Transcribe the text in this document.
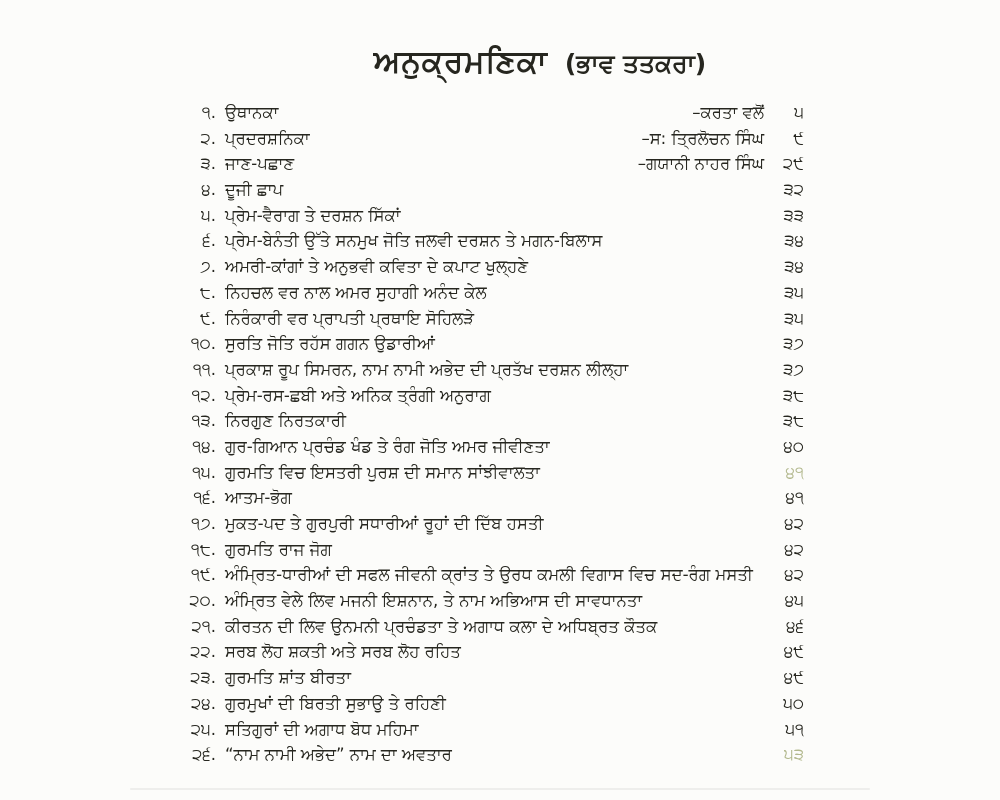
ਅਨੁਕ੍ਰਮਣਿਕਾ (ਭਾਵ ਤਤਕਰਾ)
੧. ਉਥਾਨਕਾ	–ਕਰਤਾ ਵਲੋਂ	੫
੨. ਪ੍ਰਦਰਸ਼ਨਿਕਾ	–ਸ: ਤ੍ਰਿਲੋਚਨ ਸਿੰਘ	੯
੩. ਜਾਣ-ਪਛਾਣ	–ਗਯਾਨੀ ਨਾਹਰ ਸਿੰਘ	੨੯
੪. ਦੂਜੀ ਛਾਪ	੩੨
੫. ਪ੍ਰੇਮ-ਵੈਰਾਗ ਤੇ ਦਰਸ਼ਨ ਸਿੱਕਾਂ	੩੩
੬. ਪ੍ਰੇਮ-ਬੇਨੰਤੀ ਉੱਤੇ ਸਨਮੁਖ ਜੋਤਿ ਜਲਵੀ ਦਰਸ਼ਨ ਤੇ ਮਗਨ-ਬਿਲਾਸ	੩੪
੭. ਅਮਰੀ-ਕਾਂਗਾਂ ਤੇ ਅਨੁਭਵੀ ਕਵਿਤਾ ਦੇ ਕਪਾਟ ਖੁਲ੍ਹਣੇ	੩੪
੮. ਨਿਹਚਲ ਵਰ ਨਾਲ ਅਮਰ ਸੁਹਾਗੀ ਅਨੰਦ ਕੇਲ	੩੫
੯. ਨਿਰੰਕਾਰੀ ਵਰ ਪ੍ਰਾਪਤੀ ਪ੍ਰਥਾਇ ਸੋਹਿਲੜੇ	੩੫
੧੦. ਸੁਰਤਿ ਜੋਤਿ ਰਹੱਸ ਗਗਨ ਉਡਾਰੀਆਂ	੩੭
੧੧. ਪ੍ਰਕਾਸ਼ ਰੂਪ ਸਿਮਰਨ, ਨਾਮ ਨਾਮੀ ਅਭੇਦ ਦੀ ਪ੍ਰਤੱਖ ਦਰਸ਼ਨ ਲੀਲ੍ਹਾ	੩੭
੧੨. ਪ੍ਰੇਮ-ਰਸ-ਛਬੀ ਅਤੇ ਅਨਿਕ ਤ੍ਰੰਗੀ ਅਨੁਰਾਗ	੩੮
੧੩. ਨਿਰਗੁਣ ਨਿਰਤਕਾਰੀ	੩੮
੧੪. ਗੁਰ-ਗਿਆਨ ਪ੍ਰਚੰਡ ਖੰਡ ਤੇ ਰੰਗ ਜੋਤਿ ਅਮਰ ਜੀਵੀਣਤਾ	੪੦
੧੫. ਗੁਰਮਤਿ ਵਿਚ ਇਸਤਰੀ ਪੁਰਸ਼ ਦੀ ਸਮਾਨ ਸਾਂਝੀਵਾਲਤਾ	੪੧
੧੬. ਆਤਮ-ਭੋਗ	੪੧
੧੭. ਮੁਕਤ-ਪਦ ਤੇ ਗੁਰਪੁਰੀ ਸਧਾਰੀਆਂ ਰੂਹਾਂ ਦੀ ਦਿੱਬ ਹਸਤੀ	੪੨
੧੮. ਗੁਰਮਤਿ ਰਾਜ ਜੋਗ	੪੨
੧੯. ਅੰਮ੍ਰਿਤ-ਧਾਰੀਆਂ ਦੀ ਸਫਲ ਜੀਵਨੀ ਕ੍ਰਾਂਤ ਤੇ ਉਰਧ ਕਮਲੀ ਵਿਗਾਸ ਵਿਚ ਸਦ-ਰੰਗ ਮਸਤੀ	੪੨
੨੦. ਅੰਮ੍ਰਿਤ ਵੇਲੇ ਲਿਵ ਮਜਨੀ ਇਸ਼ਨਾਨ, ਤੇ ਨਾਮ ਅਭਿਆਸ ਦੀ ਸਾਵਧਾਨਤਾ	੪੫
੨੧. ਕੀਰਤਨ ਦੀ ਲਿਵ ਉਨਮਨੀ ਪ੍ਰਚੰਡਤਾ ਤੇ ਅਗਾਧ ਕਲਾ ਦੇ ਅਧਿਬ੍ਰਤ ਕੌਤਕ	੪੬
੨੨. ਸਰਬ ਲੋਹ ਸ਼ਕਤੀ ਅਤੇ ਸਰਬ ਲੋਹ ਰਹਿਤ	੪੯
੨੩. ਗੁਰਮਤਿ ਸ਼ਾਂਤ ਬੀਰਤਾ	੪੯
੨੪. ਗੁਰਮੁਖਾਂ ਦੀ ਬਿਰਤੀ ਸੁਭਾਉ ਤੇ ਰਹਿਣੀ	੫੦
੨੫. ਸਤਿਗੁਰਾਂ ਦੀ ਅਗਾਧ ਬੋਧ ਮਹਿਮਾ	੫੧
੨੬. “ਨਾਮ ਨਾਮੀ ਅਭੇਦ” ਨਾਮ ਦਾ ਅਵਤਾਰ	੫੩
